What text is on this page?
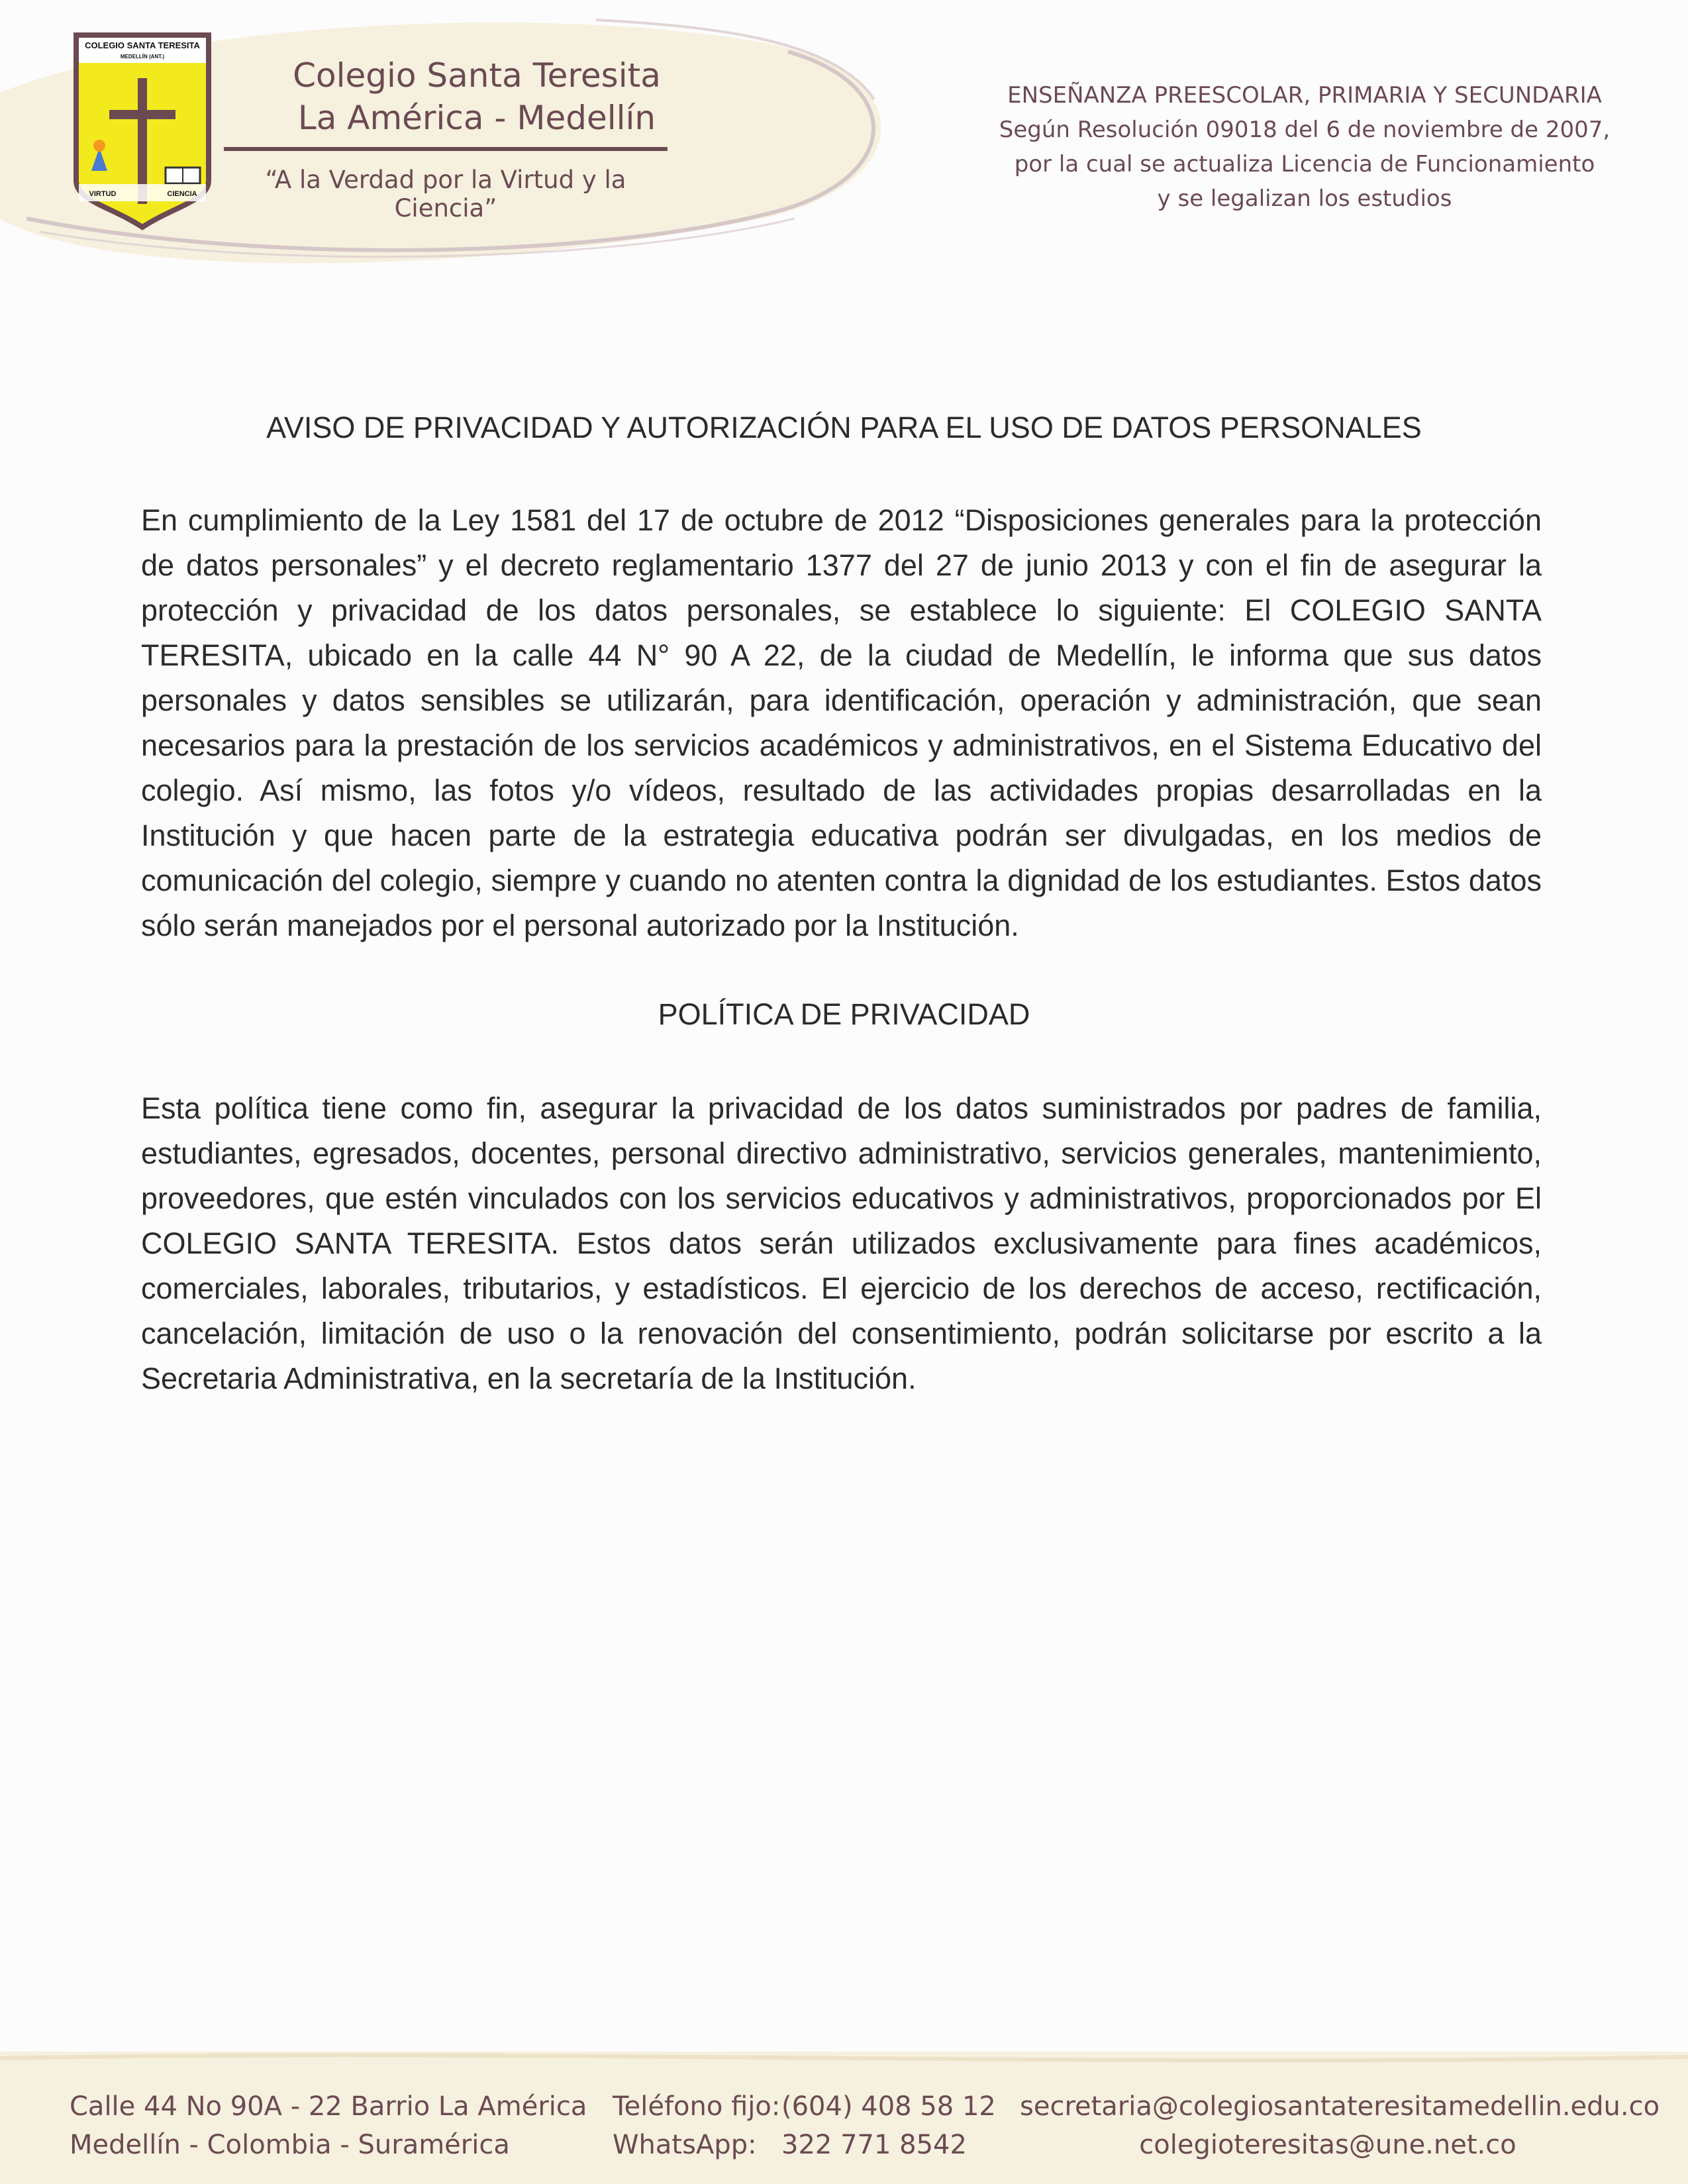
COLEGIO SANTA TERESITA
MEDELLÍN (ANT.)
VIRTUD	CIENCIA
Colegio Santa Teresita
La América - Medellín
“A la Verdad por la Virtud y la Ciencia”
ENSEÑANZA PREESCOLAR, PRIMARIA Y SECUNDARIA
Según Resolución 09018 del 6 de noviembre de 2007,
por la cual se actualiza Licencia de Funcionamiento
y se legalizan los estudios
AVISO DE PRIVACIDAD Y AUTORIZACIÓN PARA EL USO DE DATOS PERSONALES
En cumplimiento de la Ley 1581 del 17 de octubre de 2012 “Disposiciones generales para la protección de datos personales” y el decreto reglamentario 1377 del 27 de junio 2013 y con el fin de asegurar la protección y privacidad de los datos personales, se establece lo siguiente: El COLEGIO SANTA TERESITA, ubicado en la calle 44 N° 90 A 22, de la ciudad de Medellín, le informa que sus datos personales y datos sensibles se utilizarán, para identificación, operación y administración, que sean necesarios para la prestación de los servicios académicos y administrativos, en el Sistema Educativo del colegio. Así mismo, las fotos y/o vídeos, resultado de las actividades propias desarrolladas en la Institución y que hacen parte de la estrategia educativa podrán ser divulgadas, en los medios de comunicación del colegio, siempre y cuando no atenten contra la dignidad de los estudiantes. Estos datos sólo serán manejados por el personal autorizado por la Institución.
POLÍTICA DE PRIVACIDAD
Esta política tiene como fin, asegurar la privacidad de los datos suministrados por padres de familia, estudiantes, egresados, docentes, personal directivo administrativo, servicios generales, mantenimiento, proveedores, que estén vinculados con los servicios educativos y administrativos, proporcionados por El COLEGIO SANTA TERESITA. Estos datos serán utilizados exclusivamente para fines académicos, comerciales, laborales, tributarios, y estadísticos. El ejercicio de los derechos de acceso, rectificación, cancelación, limitación de uso o la renovación del consentimiento, podrán solicitarse por escrito a la Secretaria Administrativa, en la secretaría de la Institución.
Calle 44 No 90A - 22 Barrio La América
Medellín - Colombia - Suramérica
Teléfono fijo: (604) 408 58 12
WhatsApp: 322 771 8542
secretaria@colegiosantateresitamedellin.edu.co
colegioteresitas@une.net.co
